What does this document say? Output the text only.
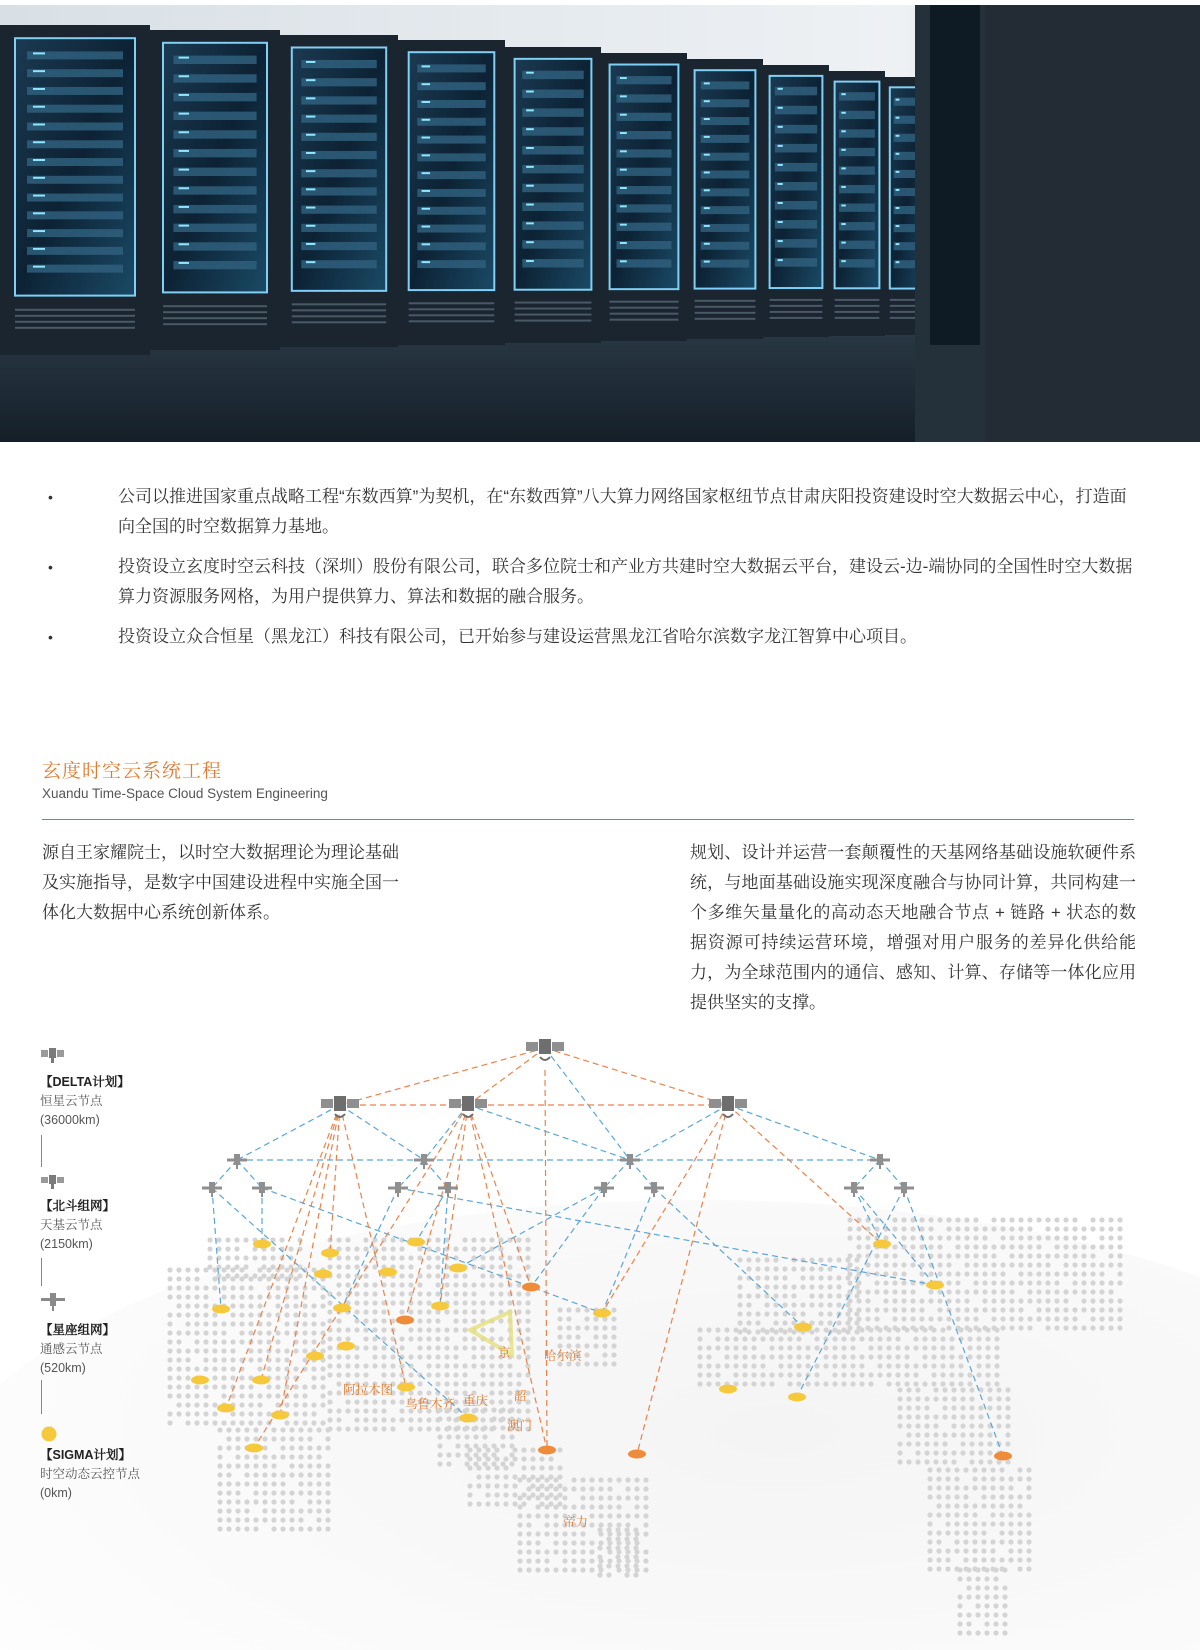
•	公司以推进国家重点战略工程“东数西算”为契机，在“东数西算”八大算力网络国家枢纽节点甘肃庆阳投资建设时空大数据云中心，打造面向全国的时空数据算力基地。
•	投资设立玄度时空云科技（深圳）股份有限公司，联合多位院士和产业方共建时空大数据云平台，建设云-边-端协同的全国性时空大数据算力资源服务网格，为用户提供算力、算法和数据的融合服务。
•	投资设立众合恒星（黑龙江）科技有限公司，已开始参与建设运营黑龙江省哈尔滨数字龙江智算中心项目。
玄度时空云系统工程
Xuandu Time-Space Cloud System Engineering
源自王家耀院士，以时空大数据理论为理论基础及实施指导，是数字中国建设进程中实施全国一体化大数据中心系统创新体系。
规划、设计并运营一套颠覆性的天基网络基础设施软硬件系统，与地面基础设施实现深度融合与协同计算，共同构建一个多维矢量量化的高动态天地融合节点 + 链路 + 状态的数据资源可持续运营环境，增强对用户服务的差异化供给能力，为全球范围内的通信、感知、计算、存储等一体化应用提供坚实的支撑。
京	哈尔滨
阿拉木图
乌鲁木齐 重庆 韶
澳门
帝力
【DELTA计划】
恒星云节点
(36000km)
【北斗组网】
天基云节点
(2150km)
【星座组网】
通感云节点
(520km)
【SIGMA计划】
时空动态云控节点
(0km)
